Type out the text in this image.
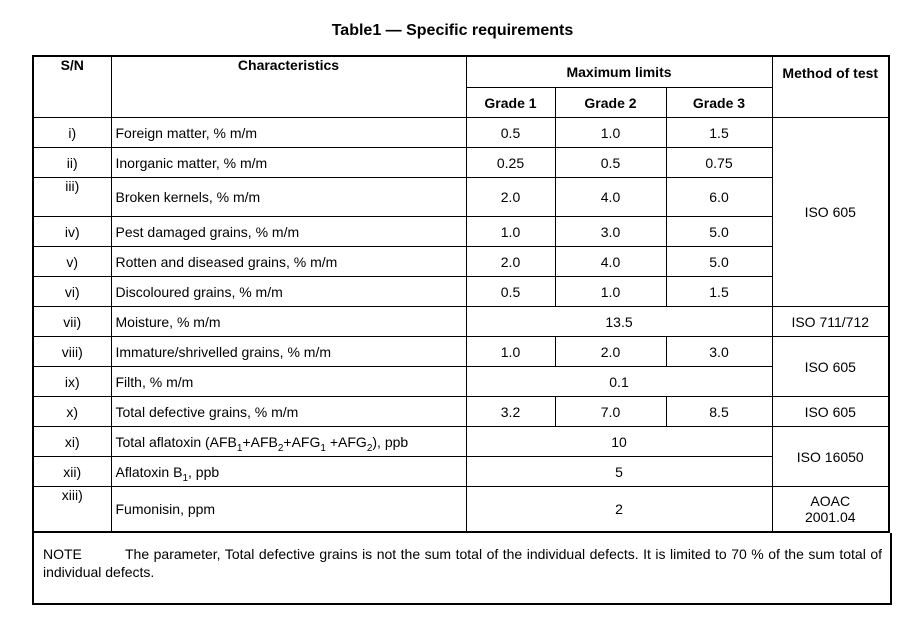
Table1 — Specific requirements
S/N	Characteristics	Maximum limits			Method of test
		Grade 1	Grade 2	Grade 3	
i)	Foreign matter, % m/m	0.5	1.0	1.5	ISO 605
ii)	Inorganic matter, % m/m	0.25	0.5	0.75	
iii)	Broken kernels, % m/m	2.0	4.0	6.0	
iv)	Pest damaged grains, % m/m	1.0	3.0	5.0	
v)	Rotten and diseased grains, % m/m	2.0	4.0	5.0	
vi)	Discoloured grains, % m/m	0.5	1.0	1.5	
vii)	Moisture, % m/m	13.5			ISO 711/712
viii)	Immature/shrivelled grains, % m/m	1.0	2.0	3.0	ISO 605
ix)	Filth, % m/m	0.1			
x)	Total defective grains, % m/m	3.2	7.0	8.5	ISO 605
xi)	Total aflatoxin $(AFB_1+AFB_2+AFG_1 +AFG_2)$, ppb	10			ISO 16050
xii)	Aflatoxin $B_1$, ppb	5			
xiii)	Fumonisin, ppm	2			AOAC
2001.04
NOTE	The parameter, Total defective grains is not the sum total of the individual defects. It is limited to 70 % of the sum total of individual defects.
